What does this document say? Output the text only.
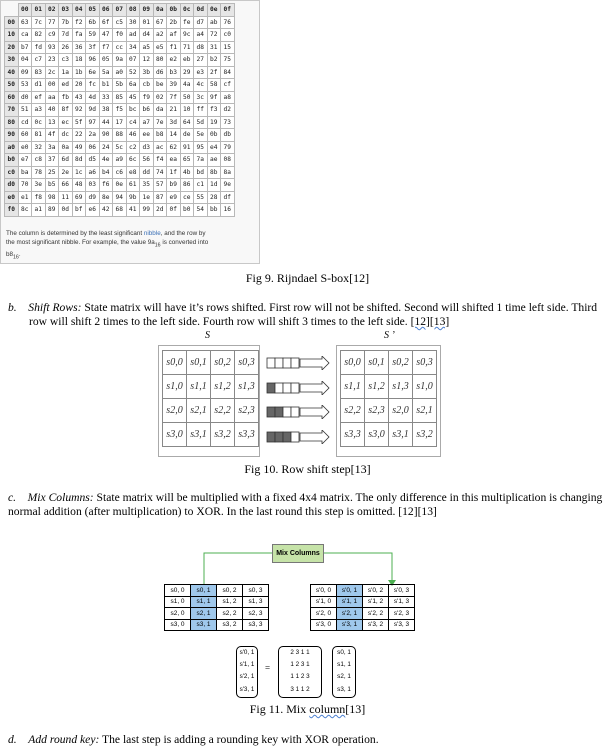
	00	01	02	03	04	05	06	07	08	09	0a	0b	0c	0d	0e	0f
00	63	7c	77	7b	f2	6b	6f	c5	30	01	67	2b	fe	d7	ab	76
10	ca	82	c9	7d	fa	59	47	f0	ad	d4	a2	af	9c	a4	72	c0
20	b7	fd	93	26	36	3f	f7	cc	34	a5	e5	f1	71	d8	31	15
30	04	c7	23	c3	18	96	05	9a	07	12	80	e2	eb	27	b2	75
40	09	83	2c	1a	1b	6e	5a	a0	52	3b	d6	b3	29	e3	2f	84
50	53	d1	00	ed	20	fc	b1	5b	6a	cb	be	39	4a	4c	58	cf
60	d0	ef	aa	fb	43	4d	33	85	45	f9	02	7f	50	3c	9f	a8
70	51	a3	40	8f	92	9d	38	f5	bc	b6	da	21	10	ff	f3	d2
80	cd	0c	13	ec	5f	97	44	17	c4	a7	7e	3d	64	5d	19	73
90	60	81	4f	dc	22	2a	90	88	46	ee	b8	14	de	5e	0b	db
a0	e0	32	3a	0a	49	06	24	5c	c2	d3	ac	62	91	95	e4	79
b0	e7	c8	37	6d	8d	d5	4e	a9	6c	56	f4	ea	65	7a	ae	08
c0	ba	78	25	2e	1c	a6	b4	c6	e8	dd	74	1f	4b	bd	8b	8a
d0	70	3e	b5	66	48	03	f6	0e	61	35	57	b9	86	c1	1d	9e
e0	e1	f8	98	11	69	d9	8e	94	9b	1e	87	e9	ce	55	28	df
f0	8c	a1	89	0d	bf	e6	42	68	41	99	2d	0f	b0	54	bb	16
The column is determined by the least significant nibble, and the row by
the most significant nibble. For example, the value $9a_{16}$ is converted into
$b8_{16}$.
Fig 9. Rijndael S-box[12]
b. Shift Rows: State matrix will have it’s rows shifted. First row will not be shifted. Second will shifted 1 time left side. Third
row will shift 2 times to the left side. Fourth row will shift 3 times to the left side. [12][13]
S	S ’
s0,0	s0,1	s0,2	s0,3
s1,0	s1,1	s1,2	s1,3
s2,0	s2,1	s2,2	s2,3
s3,0	s3,1	s3,2	s3,3
s0,0	s0,1	s0,2	s0,3
s1,1	s1,2	s1,3	s1,0
s2,2	s2,3	s2,0	s2,1
s3,3	s3,0	s3,1	s3,2
Fig 10. Row shift step[13]
c. Mix Columns: State matrix will be multiplied with a fixed 4x4 matrix. The only difference in this multiplication is changing
normal addition (after multiplication) to XOR. In the last round this step is omitted. [12][13]
Mix Columns
s0, 0	s0, 1	s0, 2	s0, 3
s1, 0	s1, 1	s1, 2	s1, 3
s2, 0	s2, 1	s2, 2	s2, 3
s3, 0	s3, 1	s3, 2	s3, 3
s'0, 0	s'0, 1	s'0, 2	s'0, 3
s'1, 0	s'1, 1	s'1, 2	s'1, 3
s'2, 0	s'2, 1	s'2, 2	s'2, 3
s'3, 0	s'3, 1	s'3, 2	s'3, 3
s'0, 1
s'1, 1
s'2, 1
s'3, 1
=
2 3 1 1
1 2 3 1
1 1 2 3
3 1 1 2
s0, 1
s1, 1
s2, 1
s3, 1
Fig 11. Mix column[13]
d. Add round key: The last step is adding a rounding key with XOR operation.
